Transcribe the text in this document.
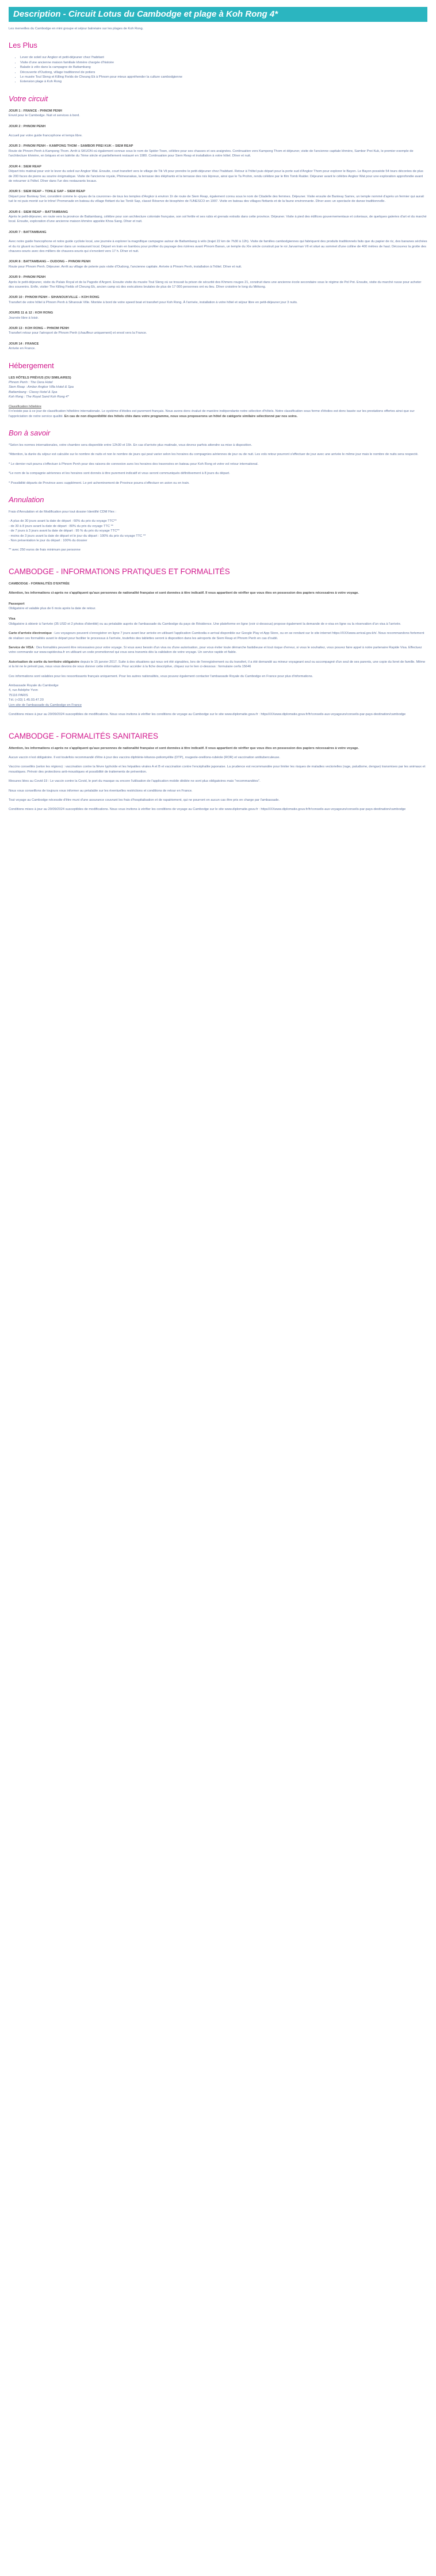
Description - Circuit Lotus du Cambodge et plage à Koh Rong 4*
Les merveilles du Cambodge en mini groupe et séjour balnéaire sur les plages de Koh Rong.
Les Plus
• Lever de soleil sur Angkor et petit-déjeuner chez l'habitant
• Visite d'une ancienne maison familiale khmère chargée d'histoire
• Balade à vélo dans la campagne de Battambang
• Découverte d'Oudong, village traditionnel de potiers
• Le musée Toul Sleng et Killing Fields de Cheung Ek à Phnom pour mieux appréhender la culture cambodgienne
• Extension plage à Koh Rong
Votre circuit
JOUR 1 : FRANCE - PHNOM PENH
Envol pour le Cambodge. Nuit et services à bord.
JOUR 2 : PHNOM PENH
Accueil par votre guide francophone et temps libre.
JOUR 3 : PHNOM PENH – KAMPONG THOM – SAMBOR PREI KUK – SIEM REAP
Route de Phnom Penh à Kampong Thom. Arrêt à SKUON où également connue sous le nom de Spider Town, célèbre pour ses chasses et ses araignées. Continuation vers Kampong Thom et déjeuner, visite de l'ancienne capitale khmère, Sambor Prei Kuk, le premier exemple de l'architecture khmère, en briques et en latérite du 7ème siècle et partiellement restauré en 1980. Continuation pour Siem Reap et installation à votre hôtel. Dîner et nuit.
JOUR 4 : SIEM REAP
Départ très matinal pour voir le lever du soleil sur Angkor Wat. Ensuite, court transfert vers le village de Tik Vil pour prendre le petit-déjeuner chez l'habitant. Retour à l'hôtel puis départ pour la porte sud d'Angkor Thom pour explorer le Bayon. Le Bayon possède 54 tours décorées de plus de 200 faces de pierre au sourire énigmatique. Visite de l'ancienne royale, Phimeanakas, la terrasse des éléphants et la terrasse des rois lépreux, ainsi que le Ta Prohm, rendu célèbre par le film Tomb Raider. Déjeuner avant le célèbre Angkor Wat pour une exploration approfondie avant de retourner à l'hôtel. Dîner dans l'un des restaurants locaux.
JOUR 5 : SIEM REAP – TONLE SAP – SIEM REAP
Départ pour Banteay Srei, considéré comme le «joyau de la couronne» de tous les temples d'Angkor à environ 1h de route de Siem Reap, également connu sous le nom de Citadelle des femmes. Déjeuner. Visite ensuite de Banteay Samre, un temple nommé d'après un fermier qui aurait tué le roi puis monté sur le trône! Promenade en bateau du village flottant du lac Tonlé Sap, classé Réserve de biosphère de l'UNESCO en 1997. Visite en bateau des villages flottants et de la faune environnante. Dîner avec un spectacle de danse traditionnelle.
JOUR 6 : SIEM REAP – BATTAMBANG
Après le petit-déjeuner, en route vers la province de Battambang, célèbre pour son architecture coloniale française, son sol fertile et ses rubis et grenats extraits dans cette province. Déjeuner. Visite à pied des édifices gouvernementaux et coloniaux, de quelques galeries d'art et du marché local. Ensuite, exploration d'une ancienne maison khmère appelée Khoa Sang. Dîner et nuit.
JOUR 7 : BATTAMBANG
Avec notre guide francophone et notre guide cycliste local, une journée à explorer la magnifique campagne autour de Battambang à vélo (trajet 22 km de 7h30 à 12h). Visite de familles cambodgiennes qui fabriquent des produits traditionnels faits que du papier de riz, des bananes séchées et du riz gluant ou bambou). Déjeuner dans un restaurant local. Départ en train en bambou pour profiter du paysage des rizières avant Phnom Banan, un temple du XIe siècle construit par le roi Jarvarman VII et situé au sommet d'une colline de 400 mètres de haut. Découvrez la grotte des chauves-souris avec des milliers de chauves-souris qui s'envolent vers 17 h. Dîner et nuit.
JOUR 8 : BATTAMBANG – OUDONG – PHNOM PENH
Route pour Phnom Penh. Déjeuner. Arrêt au village de poterie puis visite d'Oudong, l'ancienne capitale. Arrivée à Phnom Penh, installation à l'hôtel. Dîner et nuit.
JOUR 9 : PHNOM PENH
Après le petit-déjeuner, visite du Palais Royal et de la Pagode d'Argent. Ensuite visite du musée Toul Sleng où se trouvait la prison de sécurité des Khmers rouges 21, construit dans une ancienne école secondaire sous le régime de Pol Pot. Ensuite, visite du marché russe pour acheter des souvenirs. Enfin, visiter The Killing Fields of Cheung Ek, ancien camp où des exécutions brutales de plus de 17 000 personnes ont eu lieu. Dîner croisière le long du Mékong.
JOUR 10 : PHNOM PENH – SIHANOUKVILLE – KOH RONG
Transfert de votre hôtel à Phnom Penh à Sihanouk Ville. Montée à bord de votre speed boat et transfert pour Koh Rong. À l'arrivée, installation à votre hôtel et séjour libre en petit-déjeuner jour 3 nuits.
JOURS 11 & 12 : KOH RONG
Journée libre à loisir.
JOUR 13 : KOH RONG – PHNOM PENH
Transfert retour pour l'aéroport de Phnom Penh (chauffeur uniquement) et envol vers la France.
JOUR 14 : FRANCE
Arrivée en France.
Hébergement
LES HÔTELS PRÉVUS (OU SIMILAIRES)
Phnom Penh : The Oera Hotel
Siem Reap : Amber Angkor Villa Hotel & Spa
Battambang : Classy Hotel & Spa
Koh Rong : The Royal Sand Koh Rong 4*
Classification hôtelière
Il n'existe pas à ce jour de classification hôtelière internationale. Le système d'étoiles est purement français. Nous avons donc évalué de manière indépendante notre sélection d'hôtels. Notre classification sous forme d'étoiles est donc basée sur les prestations offertes ainsi que sur l'appréciation de notre service qualité. En cas de non disponibilité des hôtels cités dans votre programme, nous vous proposerons un hôtel de catégorie similaire sélectionné par nos soins.
Bon à savoir
*Selon les normes internationales, votre chambre sera disponible entre 12h30 et 15h. En cas d'arrivée plus matinale, vous devrez parfois attendre sa mise à disposition.
*Attention, la durée du séjour est calculée sur le nombre de nuits et non le nombre de jours qui peut varier selon les horaires du compagnies aériennes de jour ou de nuit. Les vols retour pourront s'effectuer de jour avec une arrivée le même jour mais le nombre de nuits sera respecté.
* Le dernier nuit pourra s'effectuer à Phnom Penh pour des raisons de connexion avec les horaires des traversées en bateau pour Koh Rong et votre vol retour international.
*Le nom de la compagnie aériennes et les horaires sont donnés à titre purement indicatif et vous seront communiqués définitivement à 8 jours du départ.
* Possibilité départs de Province avec supplément. Le pré acheminement de Province pourra s'effectuer en avion ou en train.
Annulation
Frais d'Annulation et de Modification pour tout dossier Identifié CDM Flex :
- A plus de 30 jours avant la date de départ : 60% du prix du voyage TTC**
- de 30 à 8 jours avant la date de départ : 80% du prix du voyage TTC **
- de 7 jours à 3 jours avant la date de départ : 95 % du prix du voyage TTC**
- moins de 3 jours avant la date de départ et le jour du départ : 100% du prix du voyage TTC **
- Non présentation le jour du départ : 100% du dossier
** avec 250 euros de frais minimum par personne
CAMBODGE - INFORMATIONS PRATIQUES ET FORMALITÉS
CAMBODGE - FORMALITÉS D'ENTRÉE
Attention, les informations ci-après ne s'appliquent qu'aux personnes de nationalité française et sont données à titre indicatif. Il vous appartient de vérifier que vous êtes en possession des papiers nécessaires à votre voyage.
Passeport
Obligatoire et valable plus de 6 mois après la date de retour.
Visa
Obligatoire à obtenir à l'arrivée (35 USD et 2 photos d'identité) ou au préalable auprès de l'ambassade du Cambodge du pays de Résidence. Une plateforme en ligne (voir ci-dessous) propose également la demande de e-visa en ligne ou la réservation d'un visa à l'arrivée.
Carte d'arrivée électronique : Les voyageurs peuvent s'enregistrer en ligne 7 jours avant leur arrivée en utilisant l'application Cambodia e-arrival disponible sur Google Play et App Store, ou en se rendant sur le site internet https://XXXwww.arrival.gov.kh/. Nous recommandons fortement de réaliser ces formalités avant le départ pour faciliter le processus à l'arrivée, toutefois des tablettes seront à disposition dans les aéroports de Siem Reap et Phnom Penh en cas d'oubli.
Service de VISA : Des formalités peuvent être nécessaires pour votre voyage. Si vous avez besoin d'un visa ou d'une autorisation, pour vous éviter toute démarche fastidieuse et tout risque d'erreur, si vous le souhaitez, vous pouvez faire appel à notre partenaire Rapide Visa. Effectuez votre commande sur www.rapidevisa.fr en utilisant un code promotionnel qui vous sera transmis dès la validation de votre voyage. Un service rapide et fiable.
Autorisation de sortie du territoire obligatoire depuis le 15 janvier 2017. Suite à des situations qui nous ont été signalées, lors de l'enregistrement ou du transfert, il a été demandé au mineur voyageant seul ou accompagné d'un seul de ses parents, une copie du livret de famille. Même si la loi ne le prévoit pas, nous vous devons de vous donner cette information. Pour accéder à la fiche descriptive, cliquez sur le lien ci-dessous : formulaire cerfa 15646
Ces informations sont valables pour les ressortissants français uniquement. Pour les autres nationalités, vous pouvez également contacter l'ambassade Royale du Cambodge en France pour plus d'informations.
Ambassade Royale du Cambodge
4, rue Adolphe Yvon
75116 PARIS
Tél. (+33) 1.45.03.47.20
Lien site de l'ambassade du Cambodge en France
Conditions mises à jour au 20/09/2024 susceptibles de modifications. Nous vous invitons à vérifier les conditions de voyage au Cambodge sur le site www.diplomatie.gouv.fr : httpsXXXwww.diplomatie.gouv.fr/fr/conseils-aux-voyageurs/conseils-par-pays-destination/cambodge
CAMBODGE - FORMALITÉS SANITAIRES
Attention, les informations ci-après ne s'appliquent qu'aux personnes de nationalité française et sont données à titre indicatif. Il vous appartient de vérifier que vous êtes en possession des papiers nécessaires à votre voyage.
Aucun vaccin n'est obligatoire. Il est toutefois recommandé d'être à jour des vaccins diphtérie-tétanos-poliomyélite (DTP), rougeole-oreillons-rubéole (ROR) et vaccination antituberculeuse.
Vaccins conseillés (selon les régions) : vaccination contre la fièvre typhoïde et les hépatites virales A et B et vaccination contre l'encéphalite japonaise. La prudence est recommandée pour limiter les risques de maladies vectorielles (rage, paludisme, dengue) transmises par les animaux et moustiques. Prévoir des protections anti-moustiques et possibilité de traitements de prévention.
Mesures liées au Covid-19 : Le vaccin contre la Covid, le port du masque ou encore l'utilisation de l'application mobile dédiée ne sont plus obligatoires mais "recommandées".
Nous vous conseillons de toujours vous informer au préalable sur les éventuelles restrictions et conditions de retour en France.
Tout voyage au Cambodge nécessite d'être muni d'une assurance couvrant les frais d'hospitalisation et de rapatriement, qui ne pourront en aucun cas être pris en charge par l'ambassade.
Conditions mises à jour au 20/09/2024 susceptibles de modifications. Nous vous invitons à vérifier les conditions de voyage au Cambodge sur le site www.diplomatie.gouv.fr : httpsXXXwww.diplomatie.gouv.fr/fr/conseils-aux-voyageurs/conseils-par-pays-destination/cambodge
